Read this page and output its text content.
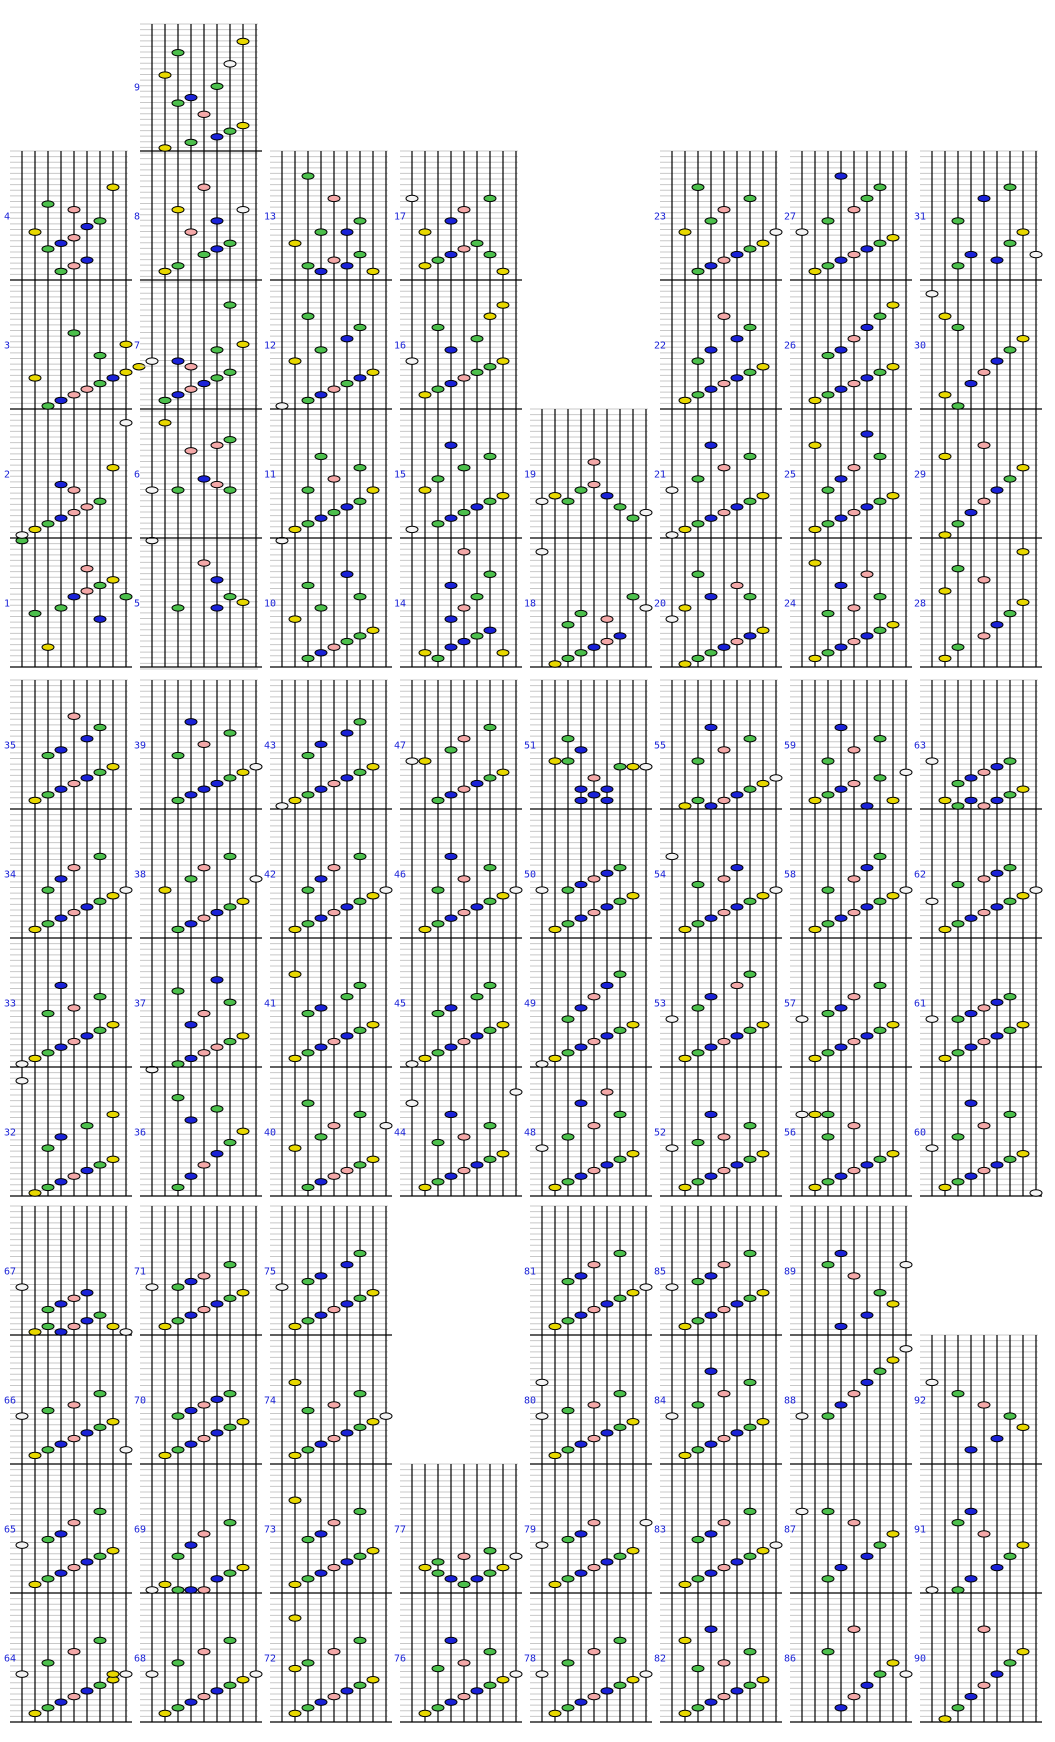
1
2
3
4
5
6
7
8
9
10
11
12
13
14
15
16
17
18
19
20
21
22
23
24
25
26
27
28
29
30
31
32
33
34
35
36
37
38
39
40
41
42
43
44
45
46
47
48
49
50
51
52
53
54
55
56
57
58
59
60
61
62
63
64
65
66
67
68
69
70
71
72
73
74
75
76
77
78
79
80
81
82
83
84
85
86
87
88
89
90
91
92
